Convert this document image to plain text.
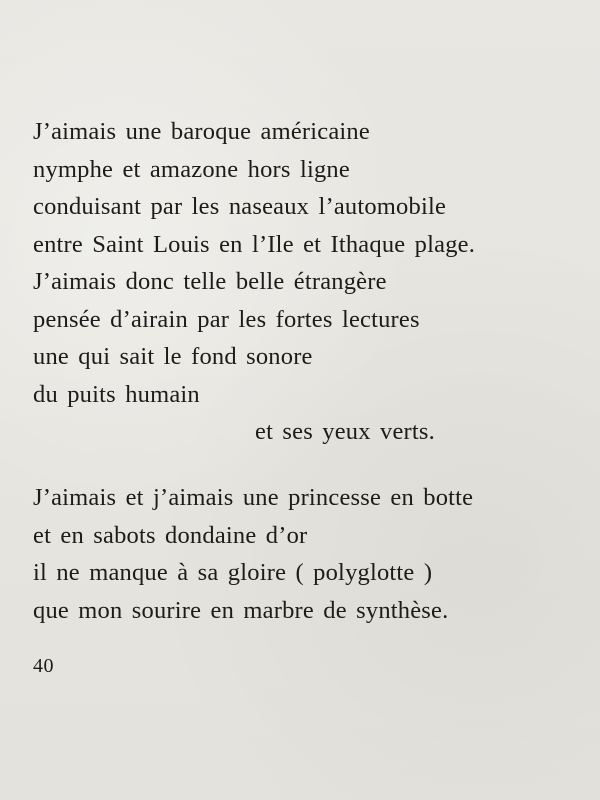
J’aimais une baroque américaine
nymphe et amazone hors ligne
conduisant par les naseaux l’automobile
entre Saint Louis en l’Ile et Ithaque plage.
J’aimais donc telle belle étrangère
pensée d’airain par les fortes lectures
une qui sait le fond sonore
du puits humain
et ses yeux verts.
J’aimais et j’aimais une princesse en botte
et en sabots dondaine d’or
il ne manque à sa gloire ( polyglotte )
que mon sourire en marbre de synthèse.
40
